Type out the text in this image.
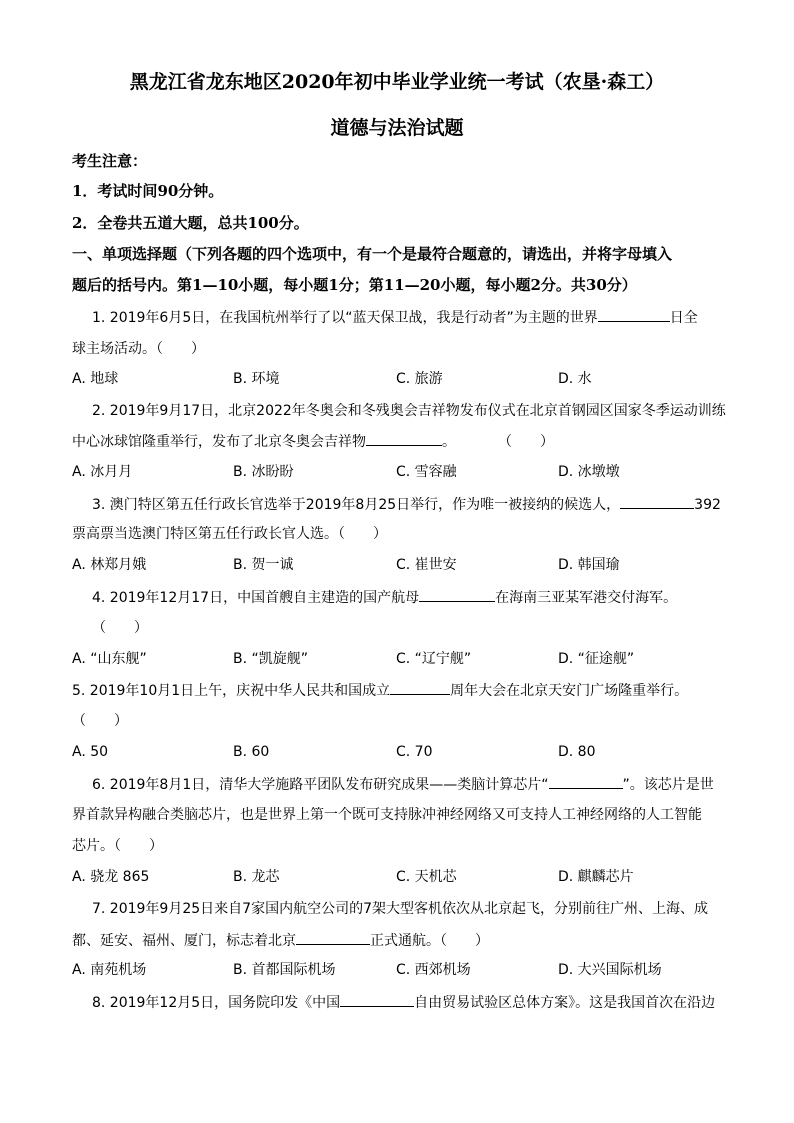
黑龙江省龙东地区2020年初中毕业学业统一考试（农垦·森工）
道德与法治试题
考生注意：
1．考试时间90分钟。
2．全卷共五道大题，总共100分。
一、单项选择题（下列各题的四个选项中，有一个是最符合题意的，请选出，并将字母填入
题后的括号内。第1—10小题，每小题1分；第11—20小题，每小题2分。共30分）
1. 2019年6月5日，在我国杭州举行了以“蓝天保卫战，我是行动者”为主题的世界	日全
球主场活动。（　　）
A. 地球	B. 环境	C. 旅游	D. 水
2. 2019年9月17日，北京2022年冬奥会和冬残奥会吉祥物发布仪式在北京首钢园区国家冬季运动训练
中心冰球馆隆重举行，发布了北京冬奥会吉祥物	。　　　　（　　）
A. 冰月月	B. 冰盼盼	C. 雪容融	D. 冰墩墩
3. 澳门特区第五任行政长官选举于2019年8月25日举行，作为唯一被接纳的候选人，	392
票高票当选澳门特区第五任行政长官人选。（　　）
A. 林郑月娥	B. 贺一诚	C. 崔世安	D. 韩国瑜
4. 2019年12月17日，中国首艘自主建造的国产航母	在海南三亚某军港交付海军。
（　　）
A. “山东舰”	B. “凯旋舰”	C. “辽宁舰”	D. “征途舰”
5. 2019年10月1日上午，庆祝中华人民共和国成立	周年大会在北京天安门广场隆重举行。
（　　）
A. 50	B. 60	C. 70	D. 80
6. 2019年8月1日，清华大学施路平团队发布研究成果——类脑计算芯片“	”。该芯片是世
界首款异构融合类脑芯片，也是世界上第一个既可支持脉冲神经网络又可支持人工神经网络的人工智能
芯片。（　　）
A. 骁龙 865	B. 龙芯	C. 天机芯	D. 麒麟芯片
7. 2019年9月25日来自7家国内航空公司的7架大型客机依次从北京起飞，分别前往广州、上海、成
都、延安、福州、厦门，标志着北京	正式通航。（　　）
A. 南苑机场	B. 首都国际机场	C. 西郊机场	D. 大兴国际机场
8. 2019年12月5日，国务院印发《中国	自由贸易试验区总体方案》。这是我国首次在沿边
